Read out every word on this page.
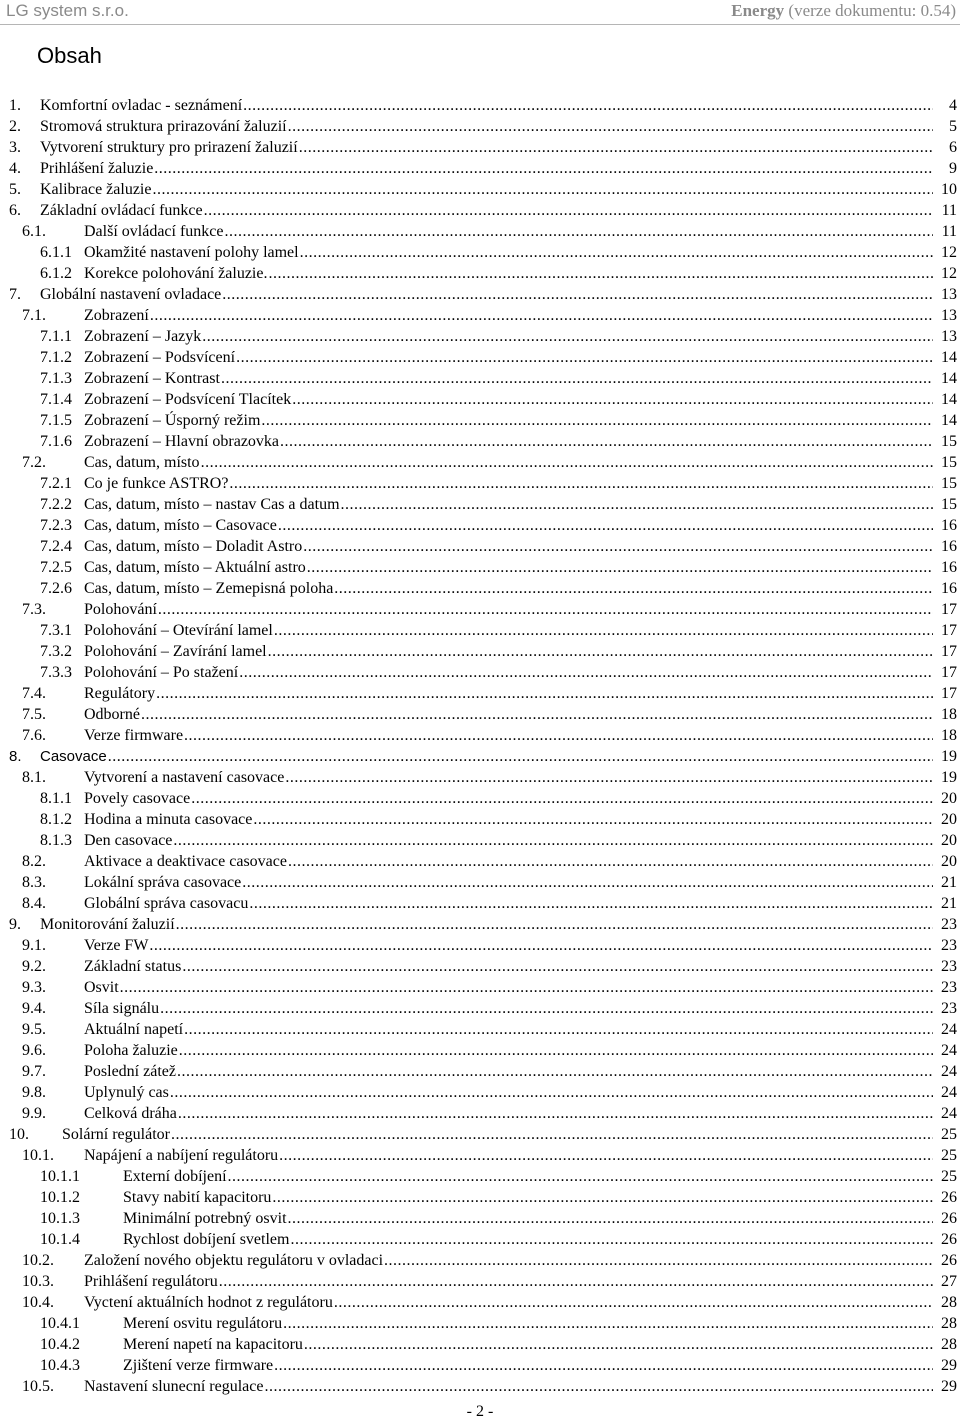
LG system s.r.o.	Energy (verze dokumentu: 0.54)
Obsah
1. Komfortní ovladac - seznámení .....	4
2. Stromová struktura prirazování žaluzií .....	5
3. Vytvorení struktury pro prirazení žaluzií .....	6
4. Prihlášení žaluzie .....	9
5. Kalibrace žaluzie .....	10
6. Základní ovládací funkce .....	11
6.1. Další ovládací funkce .....	11
6.1.1 Okamžité nastavení polohy lamel .....	12
6.1.2 Korekce polohování žaluzie. .....	12
7. Globální nastavení ovladace .....	13
7.1. Zobrazení .....	13
7.1.1 Zobrazení – Jazyk .....	13
7.1.2 Zobrazení – Podsvícení .....	14
7.1.3 Zobrazení – Kontrast .....	14
7.1.4 Zobrazení – Podsvícení Tlacítek .....	14
7.1.5 Zobrazení – Úsporný režim .....	14
7.1.6 Zobrazení – Hlavní obrazovka .....	15
7.2. Cas, datum, místo .....	15
7.2.1 Co je funkce ASTRO? .....	15
7.2.2 Cas, datum, místo – nastav Cas a datum .....	15
7.2.3 Cas, datum, místo – Casovace .....	16
7.2.4 Cas, datum, místo – Doladit Astro .....	16
7.2.5 Cas, datum, místo – Aktuální astro .....	16
7.2.6 Cas, datum, místo – Zemepisná poloha .....	16
7.3. Polohování .....	17
7.3.1 Polohování – Otevírání lamel .....	17
7.3.2 Polohování – Zavírání lamel .....	17
7.3.3 Polohování – Po stažení .....	17
7.4. Regulátory .....	17
7.5. Odborné .....	18
7.6. Verze firmware .....	18
8. Casovace .....	19
8.1. Vytvorení a nastavení casovace .....	19
8.1.1 Povely casovace .....	20
8.1.2 Hodina a minuta casovace .....	20
8.1.3 Den casovace .....	20
8.2. Aktivace a deaktivace casovace .....	20
8.3. Lokální správa casovace .....	21
8.4. Globální správa casovacu .....	21
9. Monitorování žaluzií .....	23
9.1. Verze FW .....	23
9.2. Základní status .....	23
9.3. Osvit .....	23
9.4. Síla signálu .....	23
9.5. Aktuální napetí .....	24
9.6. Poloha žaluzie .....	24
9.7. Poslední zátež .....	24
9.8. Uplynulý cas .....	24
9.9. Celková dráha .....	24
10. Solární regulátor .....	25
10.1. Napájení a nabíjení regulátoru .....	25
10.1.1	Externí dobíjení .....	25
10.1.2	Stavy nabití kapacitoru .....	26
10.1.3	Minimální potrebný osvit .....	26
10.1.4	Rychlost dobíjení svetlem .....	26
10.2. Založení nového objektu regulátoru v ovladaci .....	26
10.3. Prihlášení regulátoru .....	27
10.4. Vyctení aktuálních hodnot z regulátoru .....	28
10.4.1	Merení osvitu regulátoru .....	28
10.4.2	Merení napetí na kapacitoru .....	28
10.4.3	Zjištení verze firmware .....	29
10.5. Nastavení slunecní regulace .....	29
- 2 -
